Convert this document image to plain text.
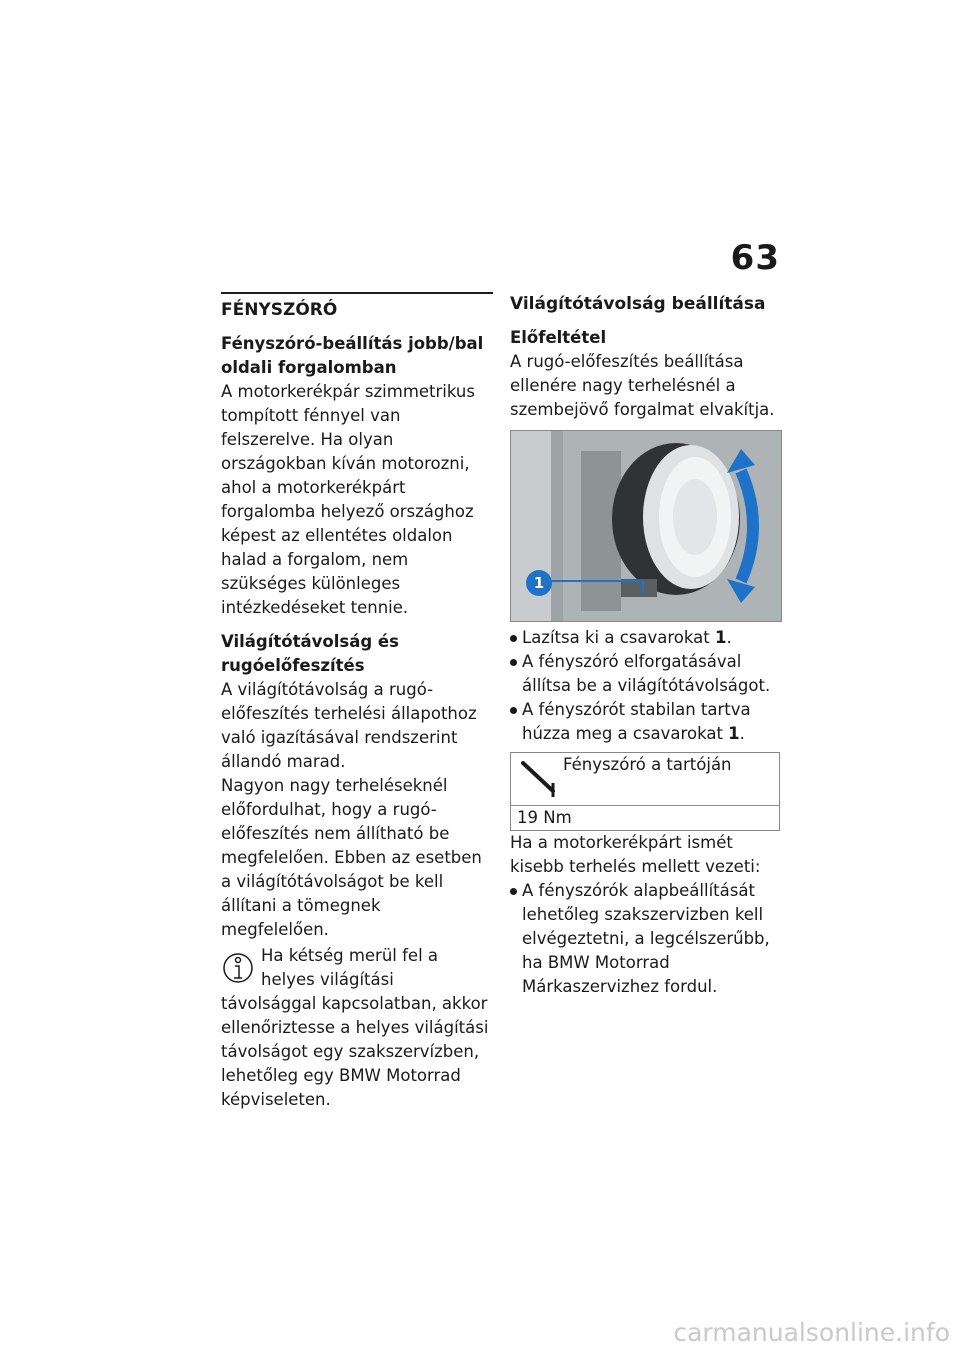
63
FÉNYSZÓRÓ
Fényszóró-beállítás jobb/bal oldali forgalomban

A motorkerékpár szimmetrikus tompított fénnyel van felszerelve. Ha olyan országokban kíván motorozni, ahol a motorkerékpárt forgalomba helyező országhoz képest az ellentétes oldalon halad a forgalom, nem szükséges különleges intézkedéseket tennie.

Világítótávolság és rugóelőfeszítés

A világítótávolság a rugó-előfeszítés terhelési állapothoz való igazításával rendszerint állandó marad.

Nagyon nagy terheléseknél előfordulhat, hogy a rugó-előfeszítés nem állítható be megfelelően. Ebben az esetben a világítótávolságot be kell állítani a tömegnek megfelelően.

Ha kétség merül fel a helyes világítási távolsággal kapcsolatban, akkor ellenőriztesse a helyes világítási távolságot egy szakszervízben, lehetőleg egy BMW Motorrad képviseleten.

Világítótávolság beállítása
Előfeltétel

A rugó-előfeszítés beállítása ellenére nagy terhelésnél a szembejövő forgalmat elvakítja.

1
Lazítsa ki a csavarokat 1.
A fényszóró elforgatásával állítsa be a világítótávolságot.
A fényszórót stabilan tartva húzza meg a csavarokat 1.
Fényszóró a tartóján
19 Nm

Ha a motorkerékpárt ismét kisebb terhelés mellett vezeti:

A fényszórók alapbeállítását lehetőleg szakszervizben kell elvégeztetni, a legcélszerűbb, ha BMW Motorrad Márkaszervizhez fordul.
carmanualsonline.info
